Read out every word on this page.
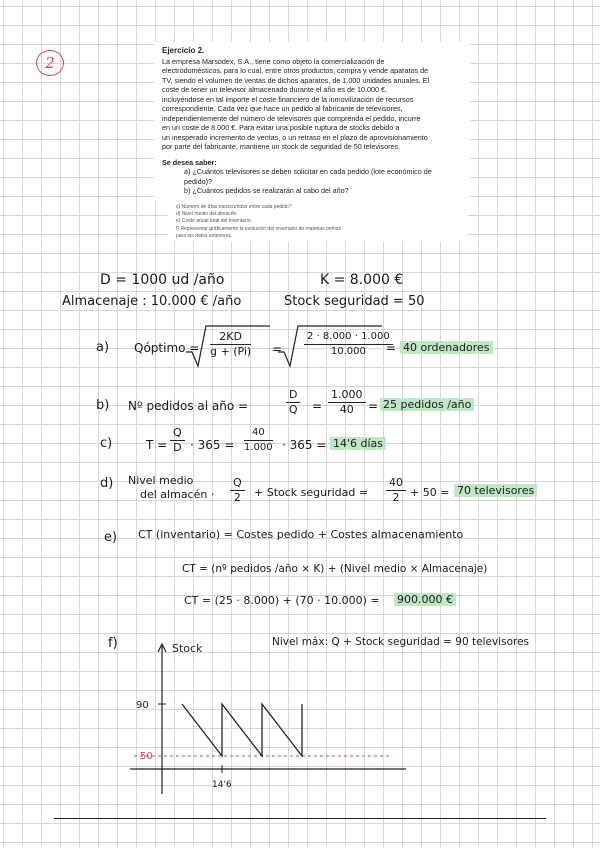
2
Ejercicio 2.
La empresa Marsodex, S.A., tiene como objeto la comercialización de
electrodomésticos, para lo cual, entre otros productos, compra y vende aparatos de
TV, siendo el volumen de ventas de dichos aparatos, de 1.000 unidades anuales. El
coste de tener un televisor almacenado durante el año es de 10.000 €,
incluyéndose en tal importe el coste financiero de la inmovilización de recursos
correspondiente. Cada vez que hace un pedido al fabricante de televisores,
independientemente del número de televisores que comprenda el pedido, incurre
en un coste de 8.000 €. Para evitar una posible ruptura de stocks debido a
un inesperado incremento de ventas, o un retraso en el plazo de aprovisionamiento
por parte del fabricante, mantiene un stock de seguridad de 50 televisores.
Se desea saber:
a) ¿Cuántos televisores se deben solicitar en cada pedido (lote económico de
pedido)?
b) ¿Cuántos pedidos se realizarán al cabo del año?
c) Número de días transcurridos entre cada pedido?
d) Nivel medio del almacén.
e) Coste anual total del inventario.
f) Representar gráficamente la evolución del inventario de materias primas
para los datos anteriores.
D = 1000 ud /año	K = 8.000 €
Almacenaje : 10.000 € /año	Stock seguridad = 50
a) Qóptimo = $\frac{2KD}{g + (Pi)} = \frac{2 \cdot 8.000 \cdot 1.000}{10.000}$
= 40 ordenadores
b) Nº pedidos al año =	$\frac{D}{Q} = \frac{1.000}{40} = 25$ pedidos /año
c)	$T = \frac{Q}{D} \cdot 365 = \frac{40}{1.000} \cdot 365 = 14'6$ días
d) Nivel medio
del almacén · $\frac{Q}{2}$ + Stock seguridad = $\frac{40}{2} + 50 = 70$ televisores
e) CT (inventario) = Costes pedido + Costes almacenamiento
CT = (nº pedidos /año × K) + (Nivel medio × Almacenaje)
CT = (25 · 8.000) + (70 · 10.000) = 900.000 €
f)	Nivel máx: Q + Stock seguridad = 90 televisores
Stock
90
50
14'6
